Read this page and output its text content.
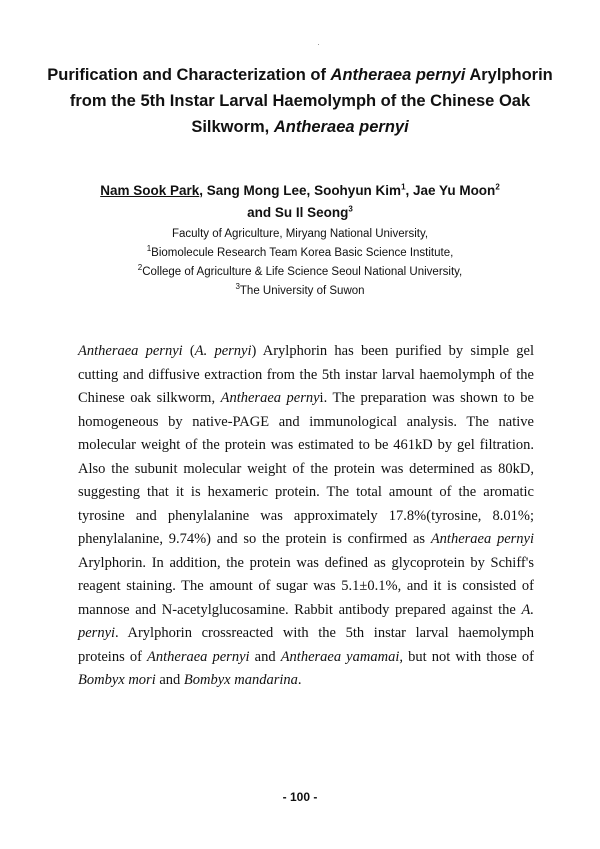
Purification and Characterization of Antheraea pernyi Arylphorin from the 5th Instar Larval Haemolymph of the Chinese Oak Silkworm, Antheraea pernyi
Nam Sook Park, Sang Mong Lee, Soohyun Kim$^1$, Jae Yu Moon$^2$
and Su Il Seong$^3$
Faculty of Agriculture, Miryang National University,
$^1$Biomolecule Research Team Korea Basic Science Institute,
$^2$College of Agriculture & Life Science Seoul National University,
$^3$The University of Suwon

Antheraea pernyi (A. pernyi) Arylphorin has been purified by simple gel cutting and diffusive extraction from the 5th instar larval haemolymph of the Chinese oak silkworm, Antheraea pernyi. The preparation was shown to be homogeneous by native-PAGE and immunological analysis. The native molecular weight of the protein was estimated to be 461kD by gel filtration. Also the subunit molecular weight of the protein was determined as 80kD, suggesting that it is hexameric protein. The total amount of the aromatic tyrosine and phenylalanine was approximately 17.8%(tyrosine, 8.01%; phenylalanine, 9.74%) and so the protein is confirmed as Antheraea pernyi Arylphorin. In addition, the protein was defined as glycoprotein by Schiff's reagent staining. The amount of sugar was 5.1±0.1%, and it is consisted of mannose and N-acetylglucosamine. Rabbit antibody prepared against the A. pernyi. Arylphorin crossreacted with the 5th instar larval haemolymph proteins of Antheraea pernyi and Antheraea yamamai, but not with those of Bombyx mori and Bombyx mandarina.

- 100 -
